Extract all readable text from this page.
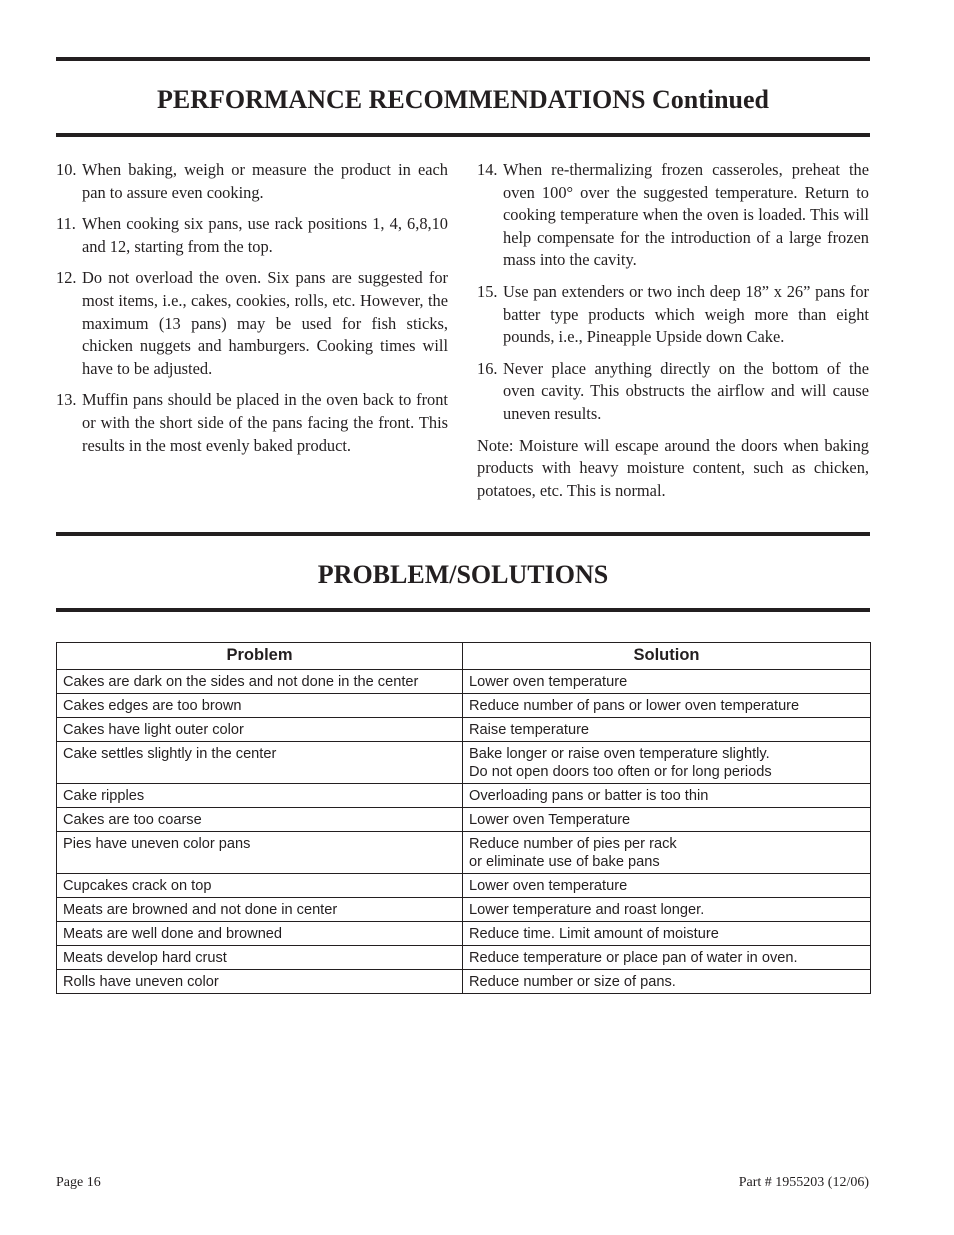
PERFORMANCE RECOMMENDATIONS Continued
10. When baking, weigh or measure the product in each pan to assure even cooking.
11. When cooking six pans, use rack positions 1, 4, 6,8,10 and 12, starting from the top.
12. Do not overload the oven. Six pans are suggested for most items, i.e., cakes, cookies, rolls, etc. However, the maximum (13 pans) may be used for fish sticks, chicken nuggets and hamburgers. Cooking times will have to be adjusted.
13. Muffin pans should be placed in the oven back to front or with the short side of the pans facing the front. This results in the most evenly baked product.
14. When re-thermalizing frozen casseroles, preheat the oven 100° over the suggested temperature. Return to cooking temperature when the oven is loaded. This will help compensate for the introduction of a large frozen mass into the cavity.
15. Use pan extenders or two inch deep 18” x 26” pans for batter type products which weigh more than eight pounds, i.e., Pineapple Upside down Cake.
16. Never place anything directly on the bottom of the oven cavity. This obstructs the airflow and will cause uneven results.

Note: Moisture will escape around the doors when baking products with heavy moisture content, such as chicken, potatoes, etc. This is normal.

PROBLEM/SOLUTIONS
Problem	Solution
Cakes are dark on the sides and not done in the center	Lower oven temperature

Cakes edges are too brown	Reduce number of pans or lower oven temperature

Cakes have light outer color	Raise temperature

Cake settles slightly in the center	Bake longer or raise oven temperature slightly.
Do not open doors too often or for long periods

Cake ripples	Overloading pans or batter is too thin

Cakes are too coarse	Lower oven Temperature

Pies have uneven color pans	Reduce number of pies per rack
or eliminate use of bake pans

Cupcakes crack on top	Lower oven temperature

Meats are browned and not done in center	Lower temperature and roast longer.

Meats are well done and browned	Reduce time. Limit amount of moisture

Meats develop hard crust	Reduce temperature or place pan of water in oven.

Rolls have uneven color	Reduce number or size of pans.
Page 16	Part # 1955203 (12/06)
